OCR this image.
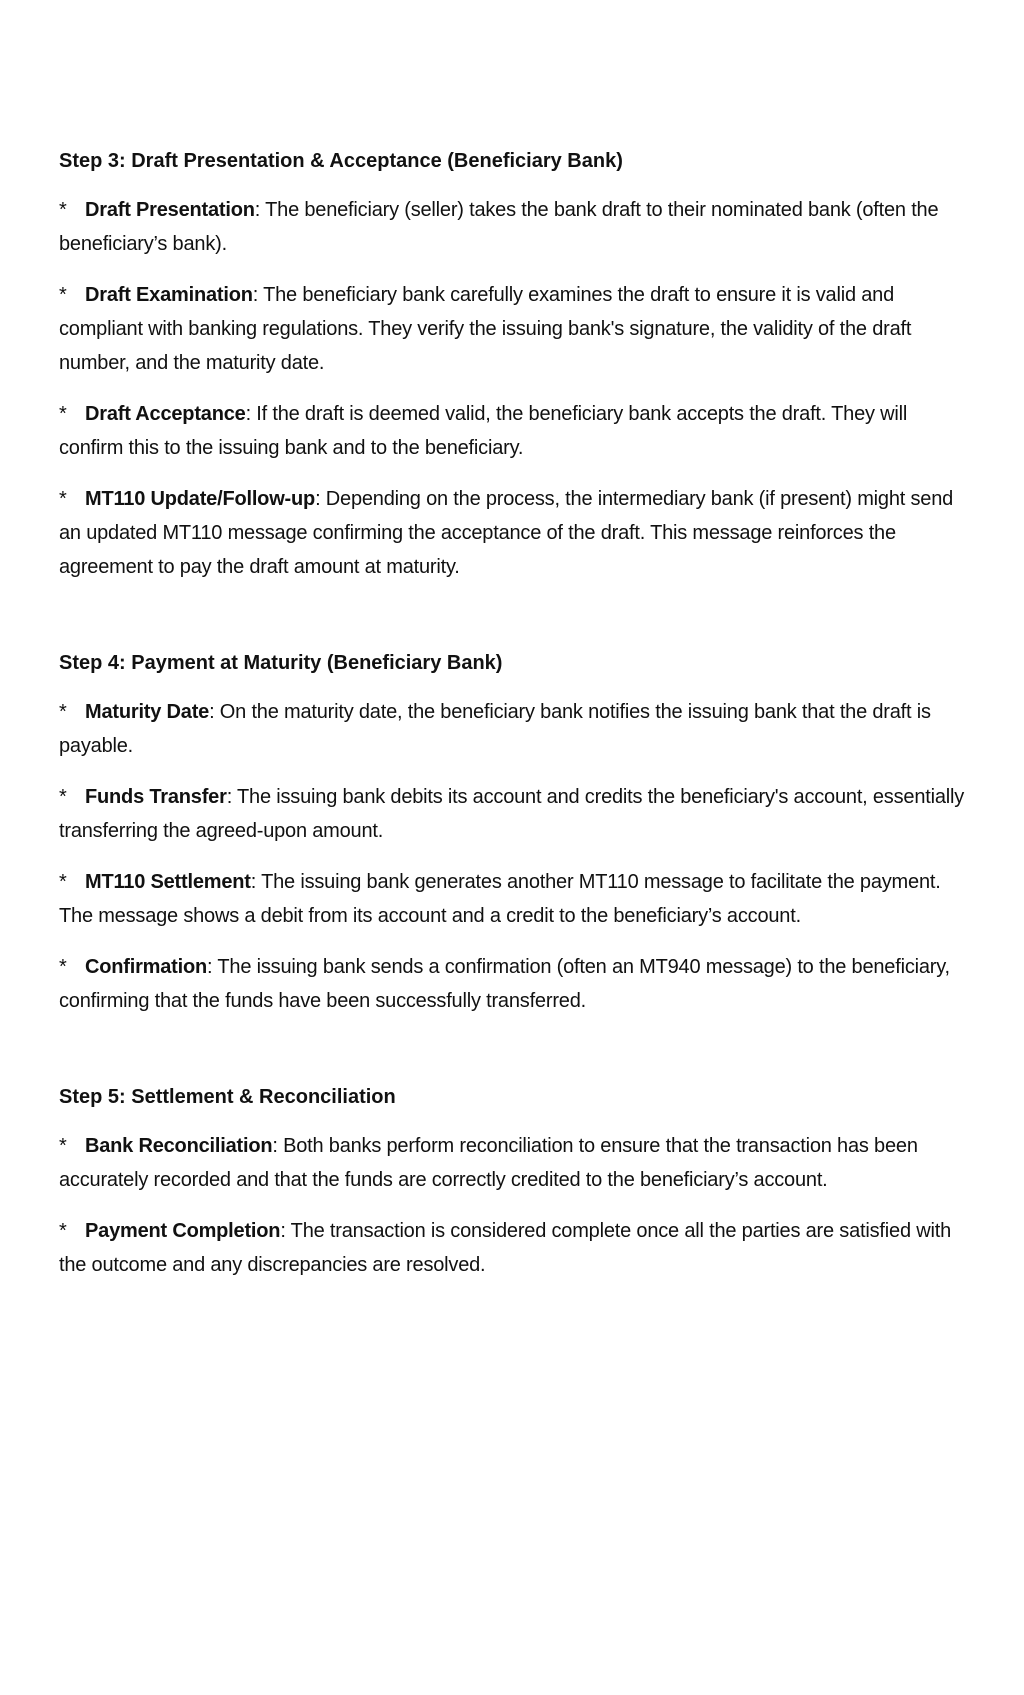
Step 3: Draft Presentation & Acceptance (Beneficiary Bank)

* Draft Presentation: The beneficiary (seller) takes the bank draft to their nominated bank (often the beneficiary’s bank).

* Draft Examination: The beneficiary bank carefully examines the draft to ensure it is valid and compliant with banking regulations. They verify the issuing bank's signature, the validity of the draft number, and the maturity date.

* Draft Acceptance: If the draft is deemed valid, the beneficiary bank accepts the draft. They will confirm this to the issuing bank and to the beneficiary.

* MT110 Update/Follow-up: Depending on the process, the intermediary bank (if present) might send an updated MT110 message confirming the acceptance of the draft. This message reinforces the agreement to pay the draft amount at maturity.

Step 4: Payment at Maturity (Beneficiary Bank)

* Maturity Date: On the maturity date, the beneficiary bank notifies the issuing bank that the draft is payable.

* Funds Transfer: The issuing bank debits its account and credits the beneficiary's account, essentially transferring the agreed-upon amount.

* MT110 Settlement: The issuing bank generates another MT110 message to facilitate the payment. The message shows a debit from its account and a credit to the beneficiary’s account.

* Confirmation: The issuing bank sends a confirmation (often an MT940 message) to the beneficiary, confirming that the funds have been successfully transferred.

Step 5: Settlement & Reconciliation

* Bank Reconciliation: Both banks perform reconciliation to ensure that the transaction has been accurately recorded and that the funds are correctly credited to the beneficiary’s account.

* Payment Completion: The transaction is considered complete once all the parties are satisfied with the outcome and any discrepancies are resolved.
